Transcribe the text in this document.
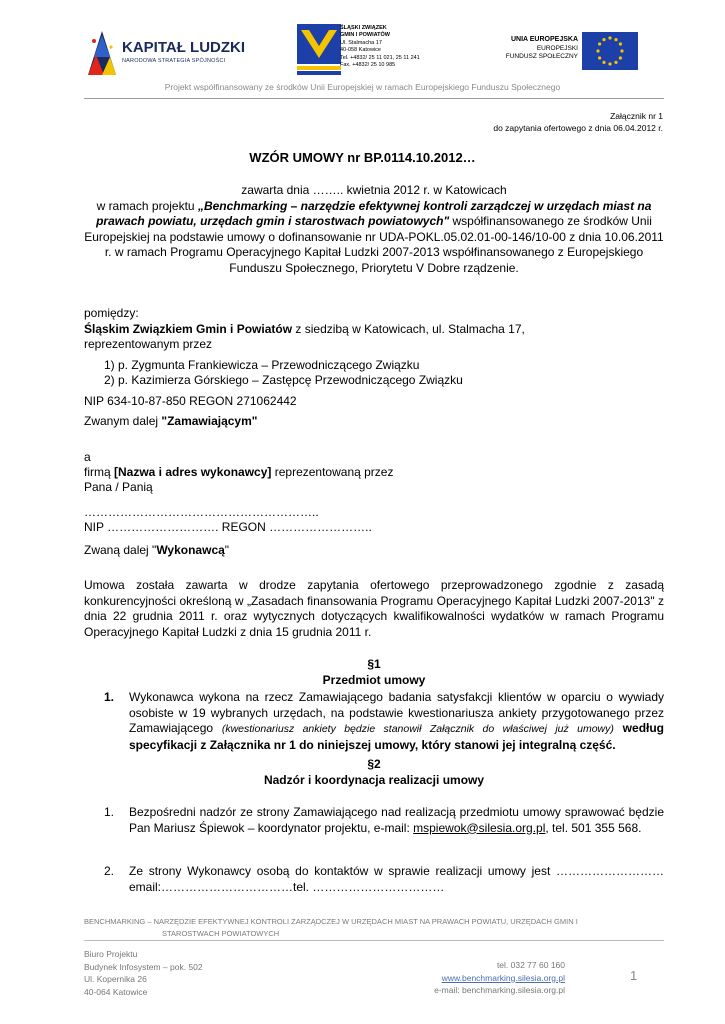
KAPITAŁ LUDZKI
NARODOWA STRATEGIA SPÓJNOŚCI
ŚLĄSKI ZWIĄZEK
GMIN I POWIATÓW
Ul. Stalmacha 17
40-058 Katowice
Tel. +4832/ 25 11 021, 25 11 241
Fax. +4832/ 25 10 985
UNIA EUROPEJSKA
EUROPEJSKI
FUNDUSZ SPOŁECZNY
Projekt współfinansowany ze środków Unii Europejskiej w ramach Europejskiego Funduszu Społecznego
Załącznik nr 1
do zapytania ofertowego z dnia 06.04.2012 r.
WZÓR UMOWY nr BP.0114.10.2012…
zawarta dnia …….. kwietnia 2012 r. w Katowicach
w ramach projektu „Benchmarking – narzędzie efektywnej kontroli zarządczej w urzędach miast na prawach powiatu, urzędach gmin i starostwach powiatowych" współfinansowanego ze środków Unii Europejskiej na podstawie umowy o dofinansowanie nr UDA-POKL.05.02.01-00-146/10-00 z dnia 10.06.2011 r. w ramach Programu Operacyjnego Kapitał Ludzki 2007-2013 współfinansowanego z Europejskiego Funduszu Społecznego, Priorytetu V Dobre rządzenie.
pomiędzy:
Śląskim Związkiem Gmin i Powiatów z siedzibą w Katowicach, ul. Stalmacha 17,
reprezentowanym przez
1) p. Zygmunta Frankiewicza – Przewodniczącego Związku
2) p. Kazimierza Górskiego – Zastępcę Przewodniczącego Związku
NIP 634-10-87-850 REGON 271062442
Zwanym dalej "Zamawiającym"
a
firmą [Nazwa i adres wykonawcy] reprezentowaną przez
Pana / Panią
…………………………………………………..
NIP ………………………. REGON ……………………..
Zwaną dalej "Wykonawcą"
Umowa została zawarta w drodze zapytania ofertowego przeprowadzonego zgodnie z zasadą konkurencyjności określoną w „Zasadach finansowania Programu Operacyjnego Kapitał Ludzki 2007-2013" z dnia 22 grudnia 2011 r. oraz wytycznych dotyczących kwalifikowalności wydatków w ramach Programu Operacyjnego Kapitał Ludzki z dnia 15 grudnia 2011 r.
§1
Przedmiot umowy
1. Wykonawca wykona na rzecz Zamawiającego badania satysfakcji klientów w oparciu o wywiady osobiste w 19 wybranych urzędach, na podstawie kwestionariusza ankiety przygotowanego przez Zamawiającego (kwestionariusz ankiety będzie stanowił Załącznik do właściwej już umowy) według specyfikacji z Załącznika nr 1 do niniejszej umowy, który stanowi jej integralną część.
§2
Nadzór i koordynacja realizacji umowy
1. Bezpośredni nadzór ze strony Zamawiającego nad realizacją przedmiotu umowy sprawować będzie Pan Mariusz Śpiewok – koordynator projektu, e-mail: mspiewok@silesia.org.pl, tel. 501 355 568.
2. Ze strony Wykonawcy osobą do kontaktów w sprawie realizacji umowy jest ……………………… email:……………………………tel. ……………………………
BENCHMARKING – NARZĘDZIE EFEKTYWNEJ KONTROLI ZARZĄDCZEJ W URZĘDACH MIAST NA PRAWACH POWIATU, URZĘDACH GMIN I
STAROSTWACH POWIATOWYCH
Biuro Projektu
Budynek Infosystem – pok. 502
Ul. Kopernika 26
40-064 Katowice
tel. 032 77 60 160
www.benchmarking.silesia.org.pl
e-mail: benchmarking.silesia.org.pl
1
